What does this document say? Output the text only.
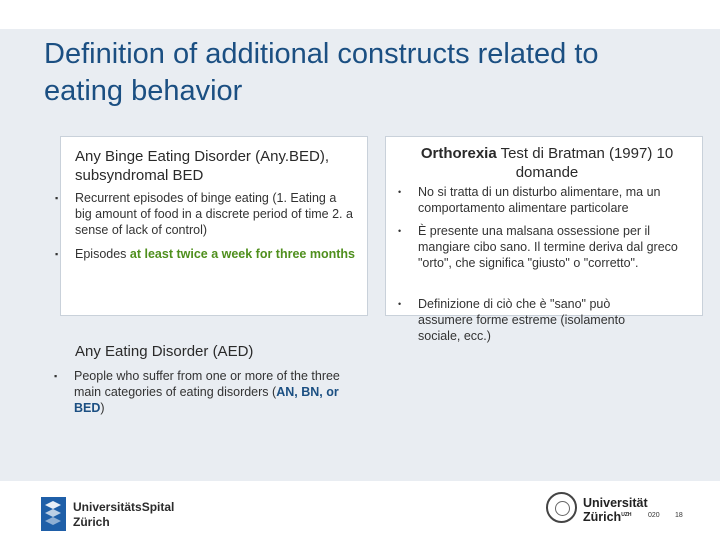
Definition of additional constructs related to eating behavior
Any Binge Eating Disorder (Any.BED), subsyndromal BED
▪ Recurrent episodes of binge eating (1. Eating a big amount of food in a discrete period of time 2. a sense of lack of control)
▪ Episodes at least twice a week for three months
Any Eating Disorder (AED)
▪ People who suffer from one or more of the three main categories of eating disorders (AN, BN, or BED)
Orthorexia Test di Bratman (1997) 10 domande
• No si tratta di un disturbo alimentare, ma un comportamento alimentare particolare
• È presente una malsana ossessione per il mangiare cibo sano. Il termine deriva dal greco "orto", che significa "giusto" o "corretto".
• Definizione di ciò che è "sano" può assumere forme estreme (isolamento sociale, ecc.)
UniversitätsSpital
Zürich
Universität
Zürich$^{UZH}$ 020 18
